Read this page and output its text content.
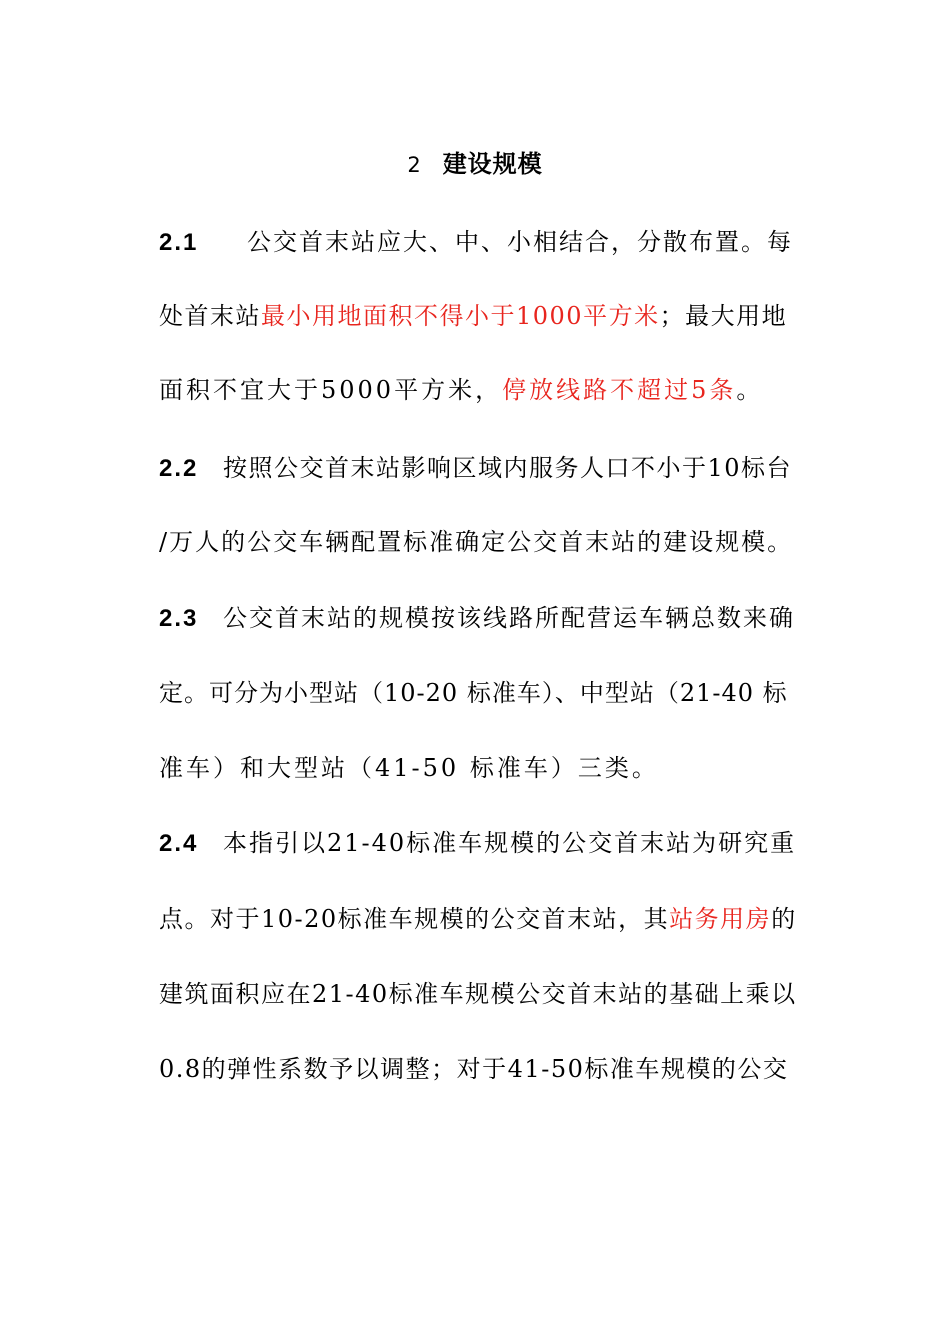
2 建设规模
2.1 公交首末站应大、中、小相结合，分散布置。每
处首末站最小用地面积不得小于1000平方米；最大用地
面积不宜大于5000平方米，停放线路不超过5条。
2.2 按照公交首末站影响区域内服务人口不小于10标台
/万人的公交车辆配置标准确定公交首末站的建设规模。
2.3 公交首末站的规模按该线路所配营运车辆总数来确
定。可分为小型站（10-20 标准车）、中型站（21-40 标
准车）和大型站（41-50 标准车）三类。
2.4 本指引以21-40标准车规模的公交首末站为研究重
点。对于10-20标准车规模的公交首末站，其站务用房的
建筑面积应在21-40标准车规模公交首末站的基础上乘以
0.8的弹性系数予以调整；对于41-50标准车规模的公交
